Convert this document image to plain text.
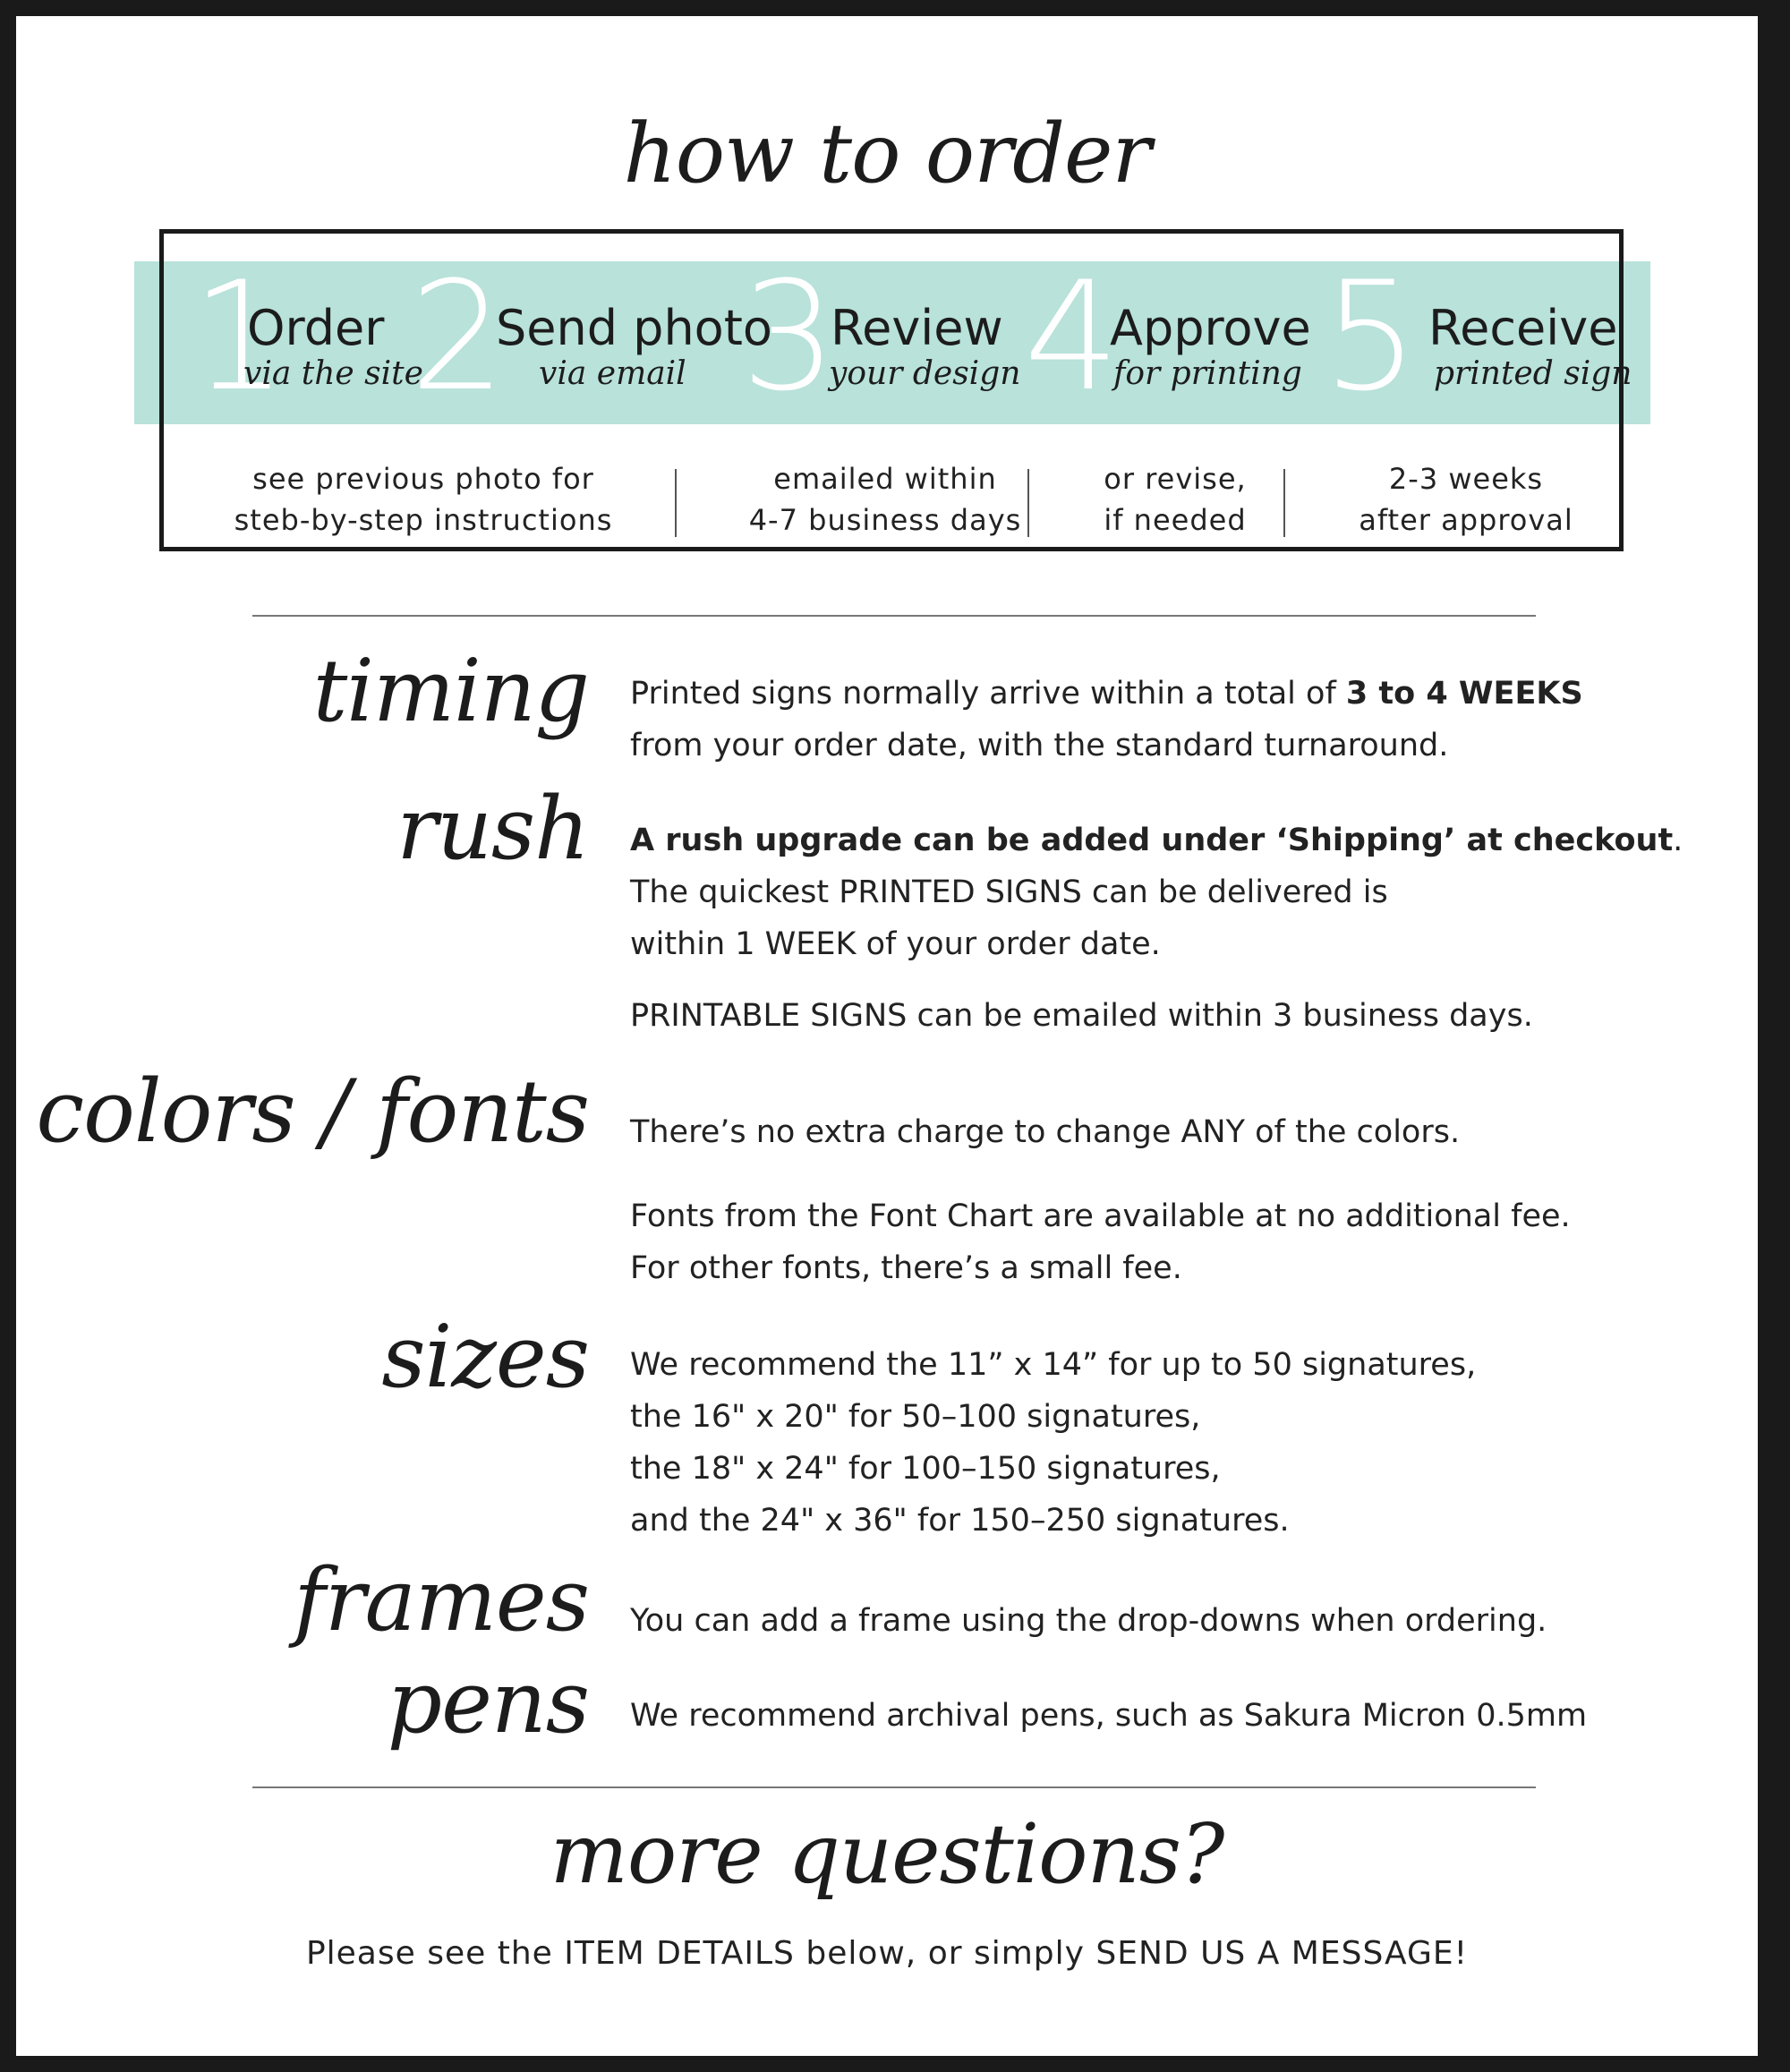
how to order
1
Order
via the site
2
Send photo
via email 3
Review
your design 4
Approve
for printing 5 Receive
printed sign
see previous photo for
steb-by-step instructions
emailed within
4-7 business days
or revise,
if needed
2-3 weeks
after approval
timing Printed signs normally arrive within a total of 3 to 4 WEEKS
from your order date, with the standard turnaround.
rush A rush upgrade can be added under ‘Shipping’ at checkout.
The quickest PRINTED SIGNS can be delivered is
within 1 WEEK of your order date.
PRINTABLE SIGNS can be emailed within 3 business days.
colors / fonts There’s no extra charge to change ANY of the colors.
Fonts from the Font Chart are available at no additional fee.
For other fonts, there’s a small fee.
sizes We recommend the 11” x 14” for up to 50 signatures,
the 16" x 20" for 50–100 signatures,
the 18" x 24" for 100–150 signatures,
and the 24" x 36" for 150–250 signatures.
frames You can add a frame using the drop-downs when ordering.
pens We recommend archival pens, such as Sakura Micron 0.5mm
more questions?
Please see the ITEM DETAILS below, or simply SEND US A MESSAGE!
